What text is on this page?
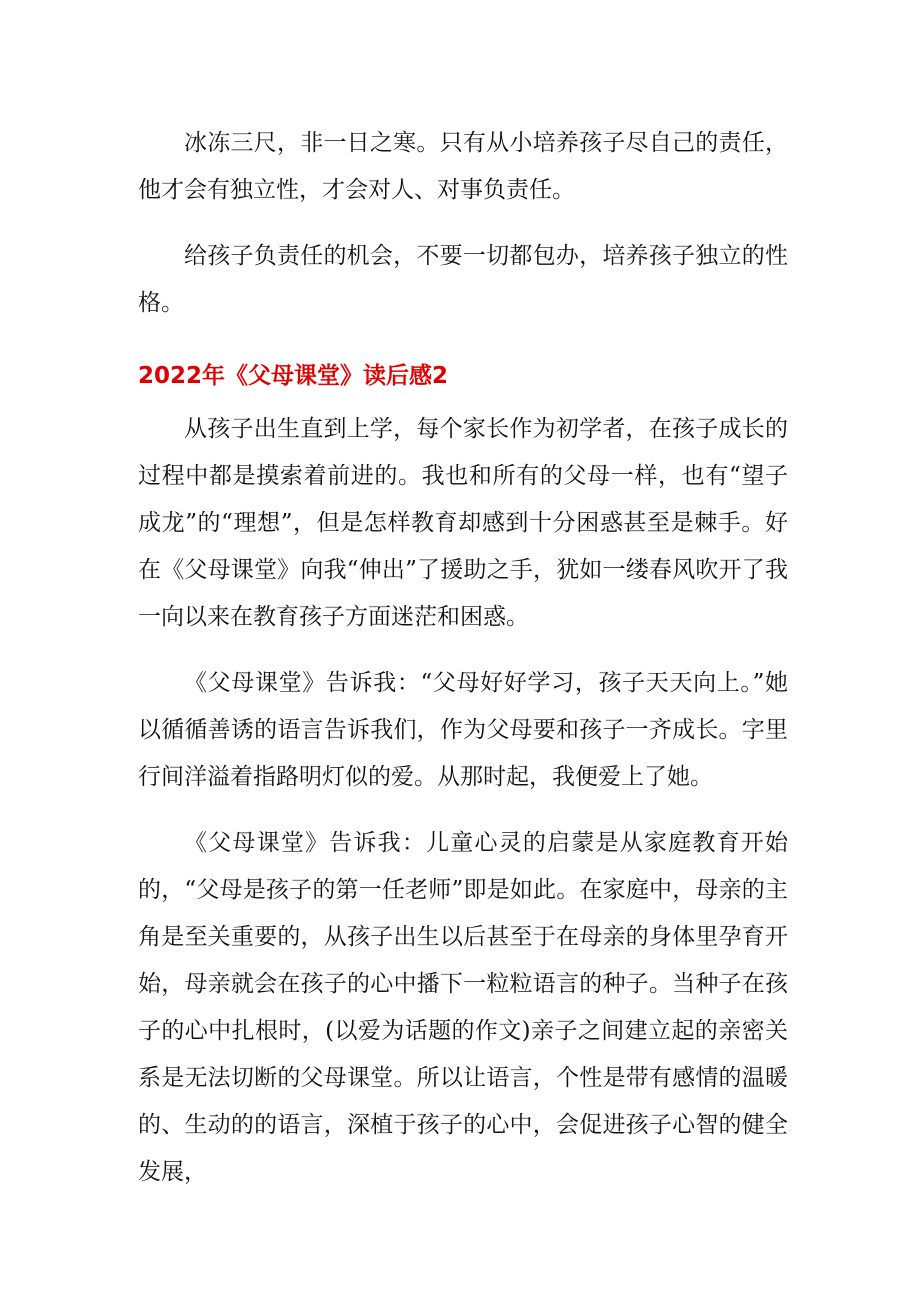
冰冻三尺，非一日之寒。只有从小培养孩子尽自己的责任，他才会有独立性，才会对人、对事负责任。

给孩子负责任的机会，不要一切都包办，培养孩子独立的性格。

2022年《父母课堂》读后感2

从孩子出生直到上学，每个家长作为初学者，在孩子成长的过程中都是摸索着前进的。我也和所有的父母一样，也有“望子成龙”的“理想”，但是怎样教育却感到十分困惑甚至是棘手。好在《父母课堂》向我“伸出”了援助之手，犹如一缕春风吹开了我一向以来在教育孩子方面迷茫和困惑。

《父母课堂》告诉我：“父母好好学习，孩子天天向上。”她以循循善诱的语言告诉我们，作为父母要和孩子一齐成长。字里行间洋溢着指路明灯似的爱。从那时起，我便爱上了她。

《父母课堂》告诉我：儿童心灵的启蒙是从家庭教育开始的，“父母是孩子的第一任老师”即是如此。在家庭中，母亲的主角是至关重要的，从孩子出生以后甚至于在母亲的身体里孕育开始，母亲就会在孩子的心中播下一粒粒语言的种子。当种子在孩子的心中扎根时，(以爱为话题的作文)亲子之间建立起的亲密关系是无法切断的父母课堂。所以让语言，个性是带有感情的温暖的、生动的的语言，深植于孩子的心中，会促进孩子心智的健全发展，
